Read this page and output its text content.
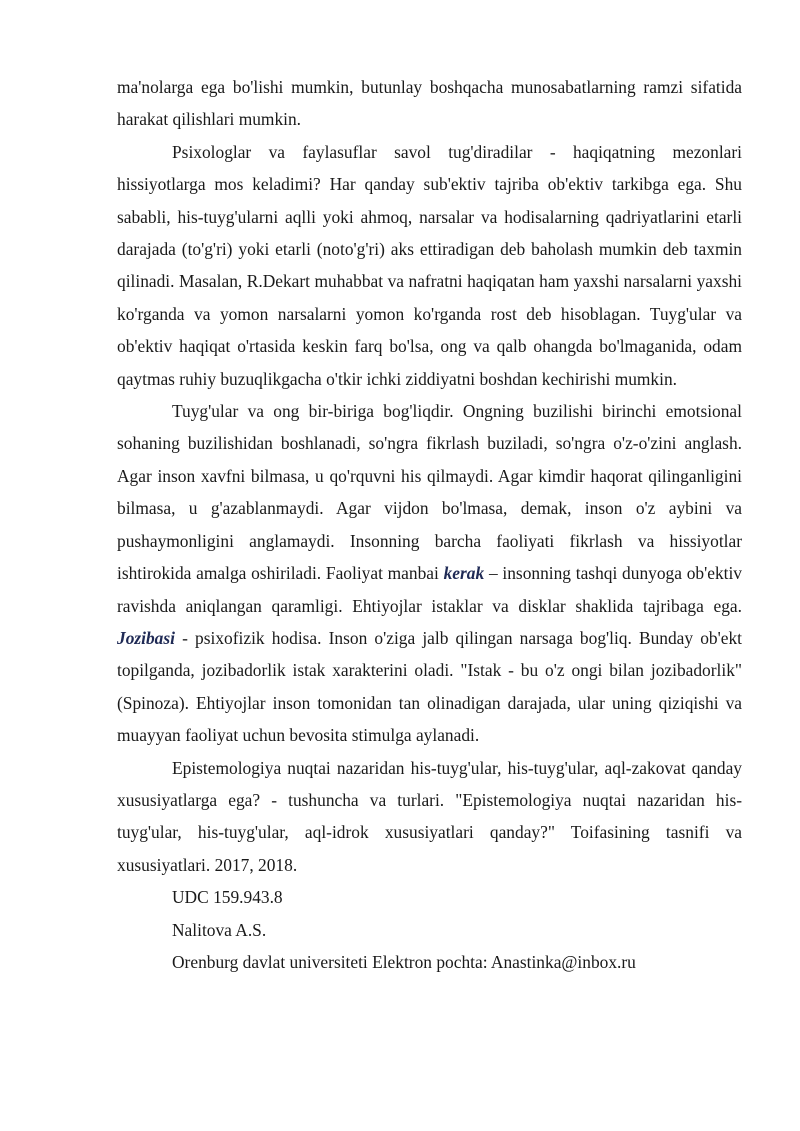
ma'nolarga ega bo'lishi mumkin, butunlay boshqacha munosabatlarning ramzi sifatida harakat qilishlari mumkin.

Psixologlar va faylasuflar savol tug'diradilar - haqiqatning mezonlari hissiyotlarga mos keladimi? Har qanday sub'ektiv tajriba ob'ektiv tarkibga ega. Shu sababli, his-tuyg'ularni aqlli yoki ahmoq, narsalar va hodisalarning qadriyatlarini etarli darajada (to'g'ri) yoki etarli (noto'g'ri) aks ettiradigan deb baholash mumkin deb taxmin qilinadi. Masalan, R.Dekart muhabbat va nafratni haqiqatan ham yaxshi narsalarni yaxshi ko'rganda va yomon narsalarni yomon ko'rganda rost deb hisoblagan. Tuyg'ular va ob'ektiv haqiqat o'rtasida keskin farq bo'lsa, ong va qalb ohangda bo'lmaganida, odam qaytmas ruhiy buzuqlikgacha o'tkir ichki ziddiyatni boshdan kechirishi mumkin.

Tuyg'ular va ong bir-biriga bog'liqdir. Ongning buzilishi birinchi emotsional sohaning buzilishidan boshlanadi, so'ngra fikrlash buziladi, so'ngra o'z-o'zini anglash. Agar inson xavfni bilmasa, u qo'rquvni his qilmaydi. Agar kimdir haqorat qilinganligini bilmasa, u g'azablanmaydi. Agar vijdon bo'lmasa, demak, inson o'z aybini va pushaymonligini anglamaydi. Insonning barcha faoliyati fikrlash va hissiyotlar ishtirokida amalga oshiriladi. Faoliyat manbai kerak – insonning tashqi dunyoga ob'ektiv ravishda aniqlangan qaramligi. Ehtiyojlar istaklar va disklar shaklida tajribaga ega. Jozibasi - psixofizik hodisa. Inson o'ziga jalb qilingan narsaga bog'liq. Bunday ob'ekt topilganda, jozibadorlik istak xarakterini oladi. "Istak - bu o'z ongi bilan jozibadorlik" (Spinoza). Ehtiyojlar inson tomonidan tan olinadigan darajada, ular uning qiziqishi va muayyan faoliyat uchun bevosita stimulga aylanadi.

Epistemologiya nuqtai nazaridan his-tuyg'ular, his-tuyg'ular, aql-zakovat qanday xususiyatlarga ega? - tushuncha va turlari. "Epistemologiya nuqtai nazaridan his-tuyg'ular, his-tuyg'ular, aql-idrok xususiyatlari qanday?" Toifasining tasnifi va xususiyatlari. 2017, 2018.

UDC 159.943.8

Nalitova A.S.

Orenburg davlat universiteti Elektron pochta: Anastinka@inbox.ru
